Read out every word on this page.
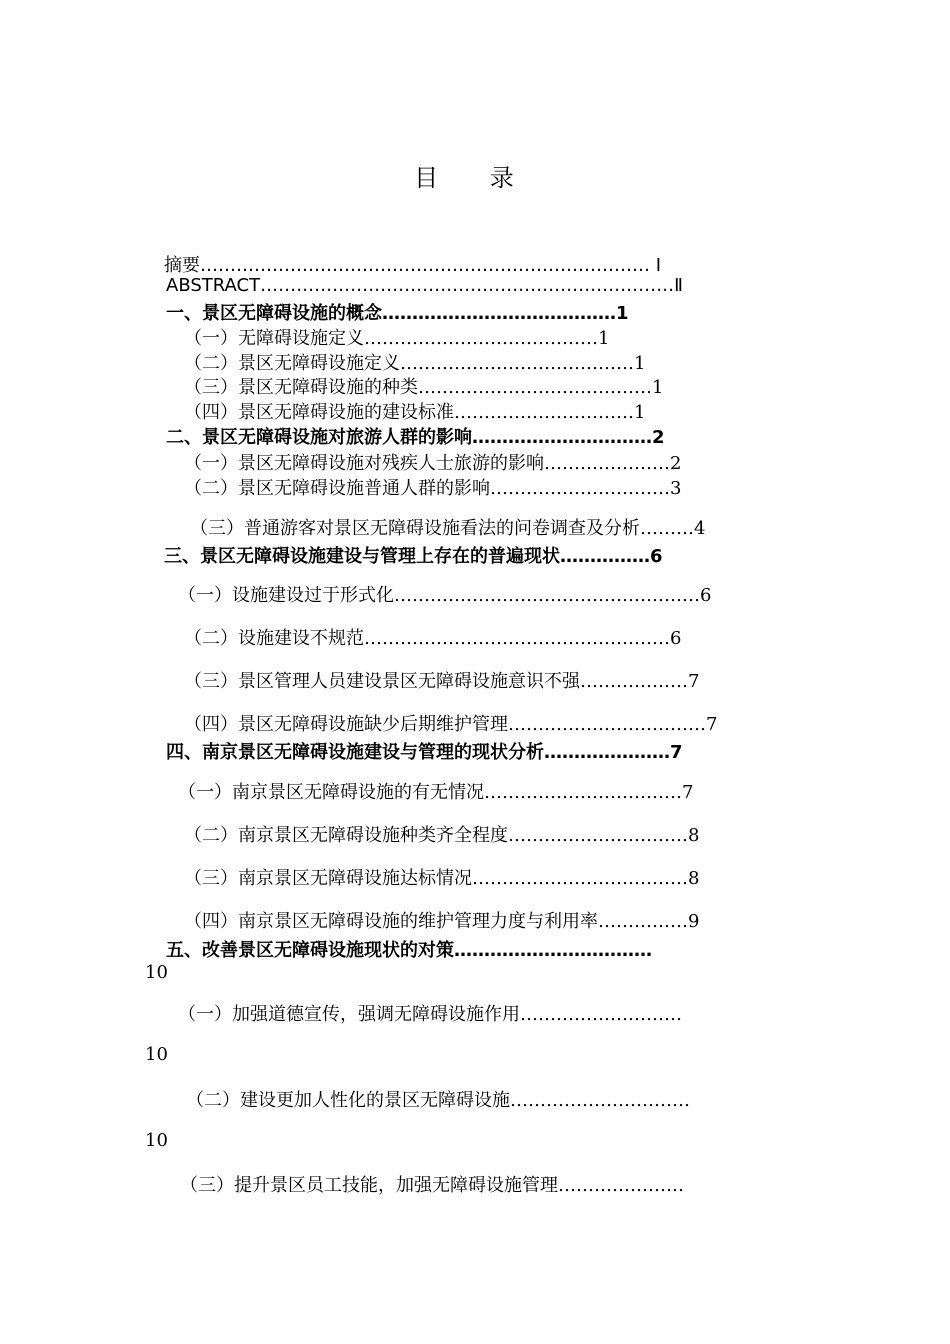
目 录
摘要………………………………………………………………… Ⅰ
ABSTRACT……………………………………………………………Ⅱ
一、景区无障碍设施的概念…………………………………1
（一）无障碍设施定义…………………………………1
（二）景区无障碍设施定义…………………………………1
（三）景区无障碍设施的种类…………………………………1
（四）景区无障碍设施的建设标准…………………………1
二、景区无障碍设施对旅游人群的影响…………………………2
（一）景区无障碍设施对残疾人士旅游的影响…………………2
（二）景区无障碍设施普通人群的影响…………………………3
（三）普通游客对景区无障碍设施看法的问卷调查及分析………4
三、景区无障碍设施建设与管理上存在的普遍现状……………6
（一）设施建设过于形式化……………………………………………6
（二）设施建设不规范……………………………………………6
（三）景区管理人员建设景区无障碍设施意识不强………………7
（四）景区无障碍设施缺少后期维护管理……………………………7
四、南京景区无障碍设施建设与管理的现状分析…………………7
（一）南京景区无障碍设施的有无情况……………………………7
（二）南京景区无障碍设施种类齐全程度…………………………8
（三）南京景区无障碍设施达标情况………………………………8
（四）南京景区无障碍设施的维护管理力度与利用率……………9
五、改善景区无障碍设施现状的对策……………………………
10
（一）加强道德宣传，强调无障碍设施作用………………………
10
（二）建设更加人性化的景区无障碍设施…………………………
10
（三）提升景区员工技能，加强无障碍设施管理…………………
